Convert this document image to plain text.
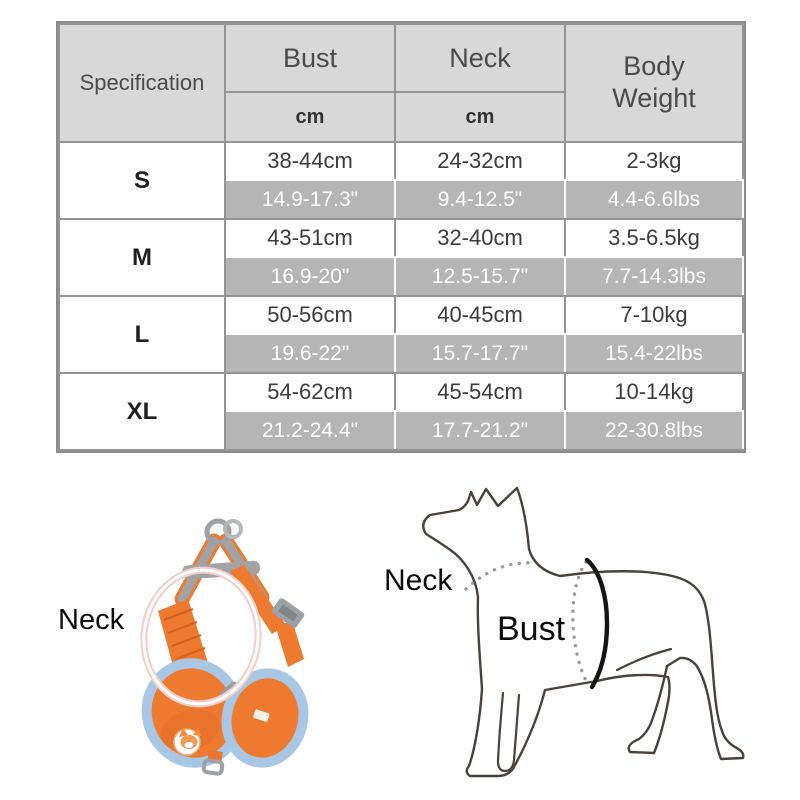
Specification	Bust	Neck	Body Weight
	cm	cm	
S	38-44cm	24-32cm	2-3kg
	14.9-17.3"	9.4-12.5"	4.4-6.6lbs
M	43-51cm	32-40cm	3.5-6.5kg
	16.9-20"	12.5-15.7"	7.7-14.3lbs
L	50-56cm	40-45cm	7-10kg
	19.6-22"	15.7-17.7"	15.4-22lbs
XL	54-62cm	45-54cm	10-14kg
	21.2-24.4"	17.7-21.2"	22-30.8lbs
Neck
Neck
Bust
